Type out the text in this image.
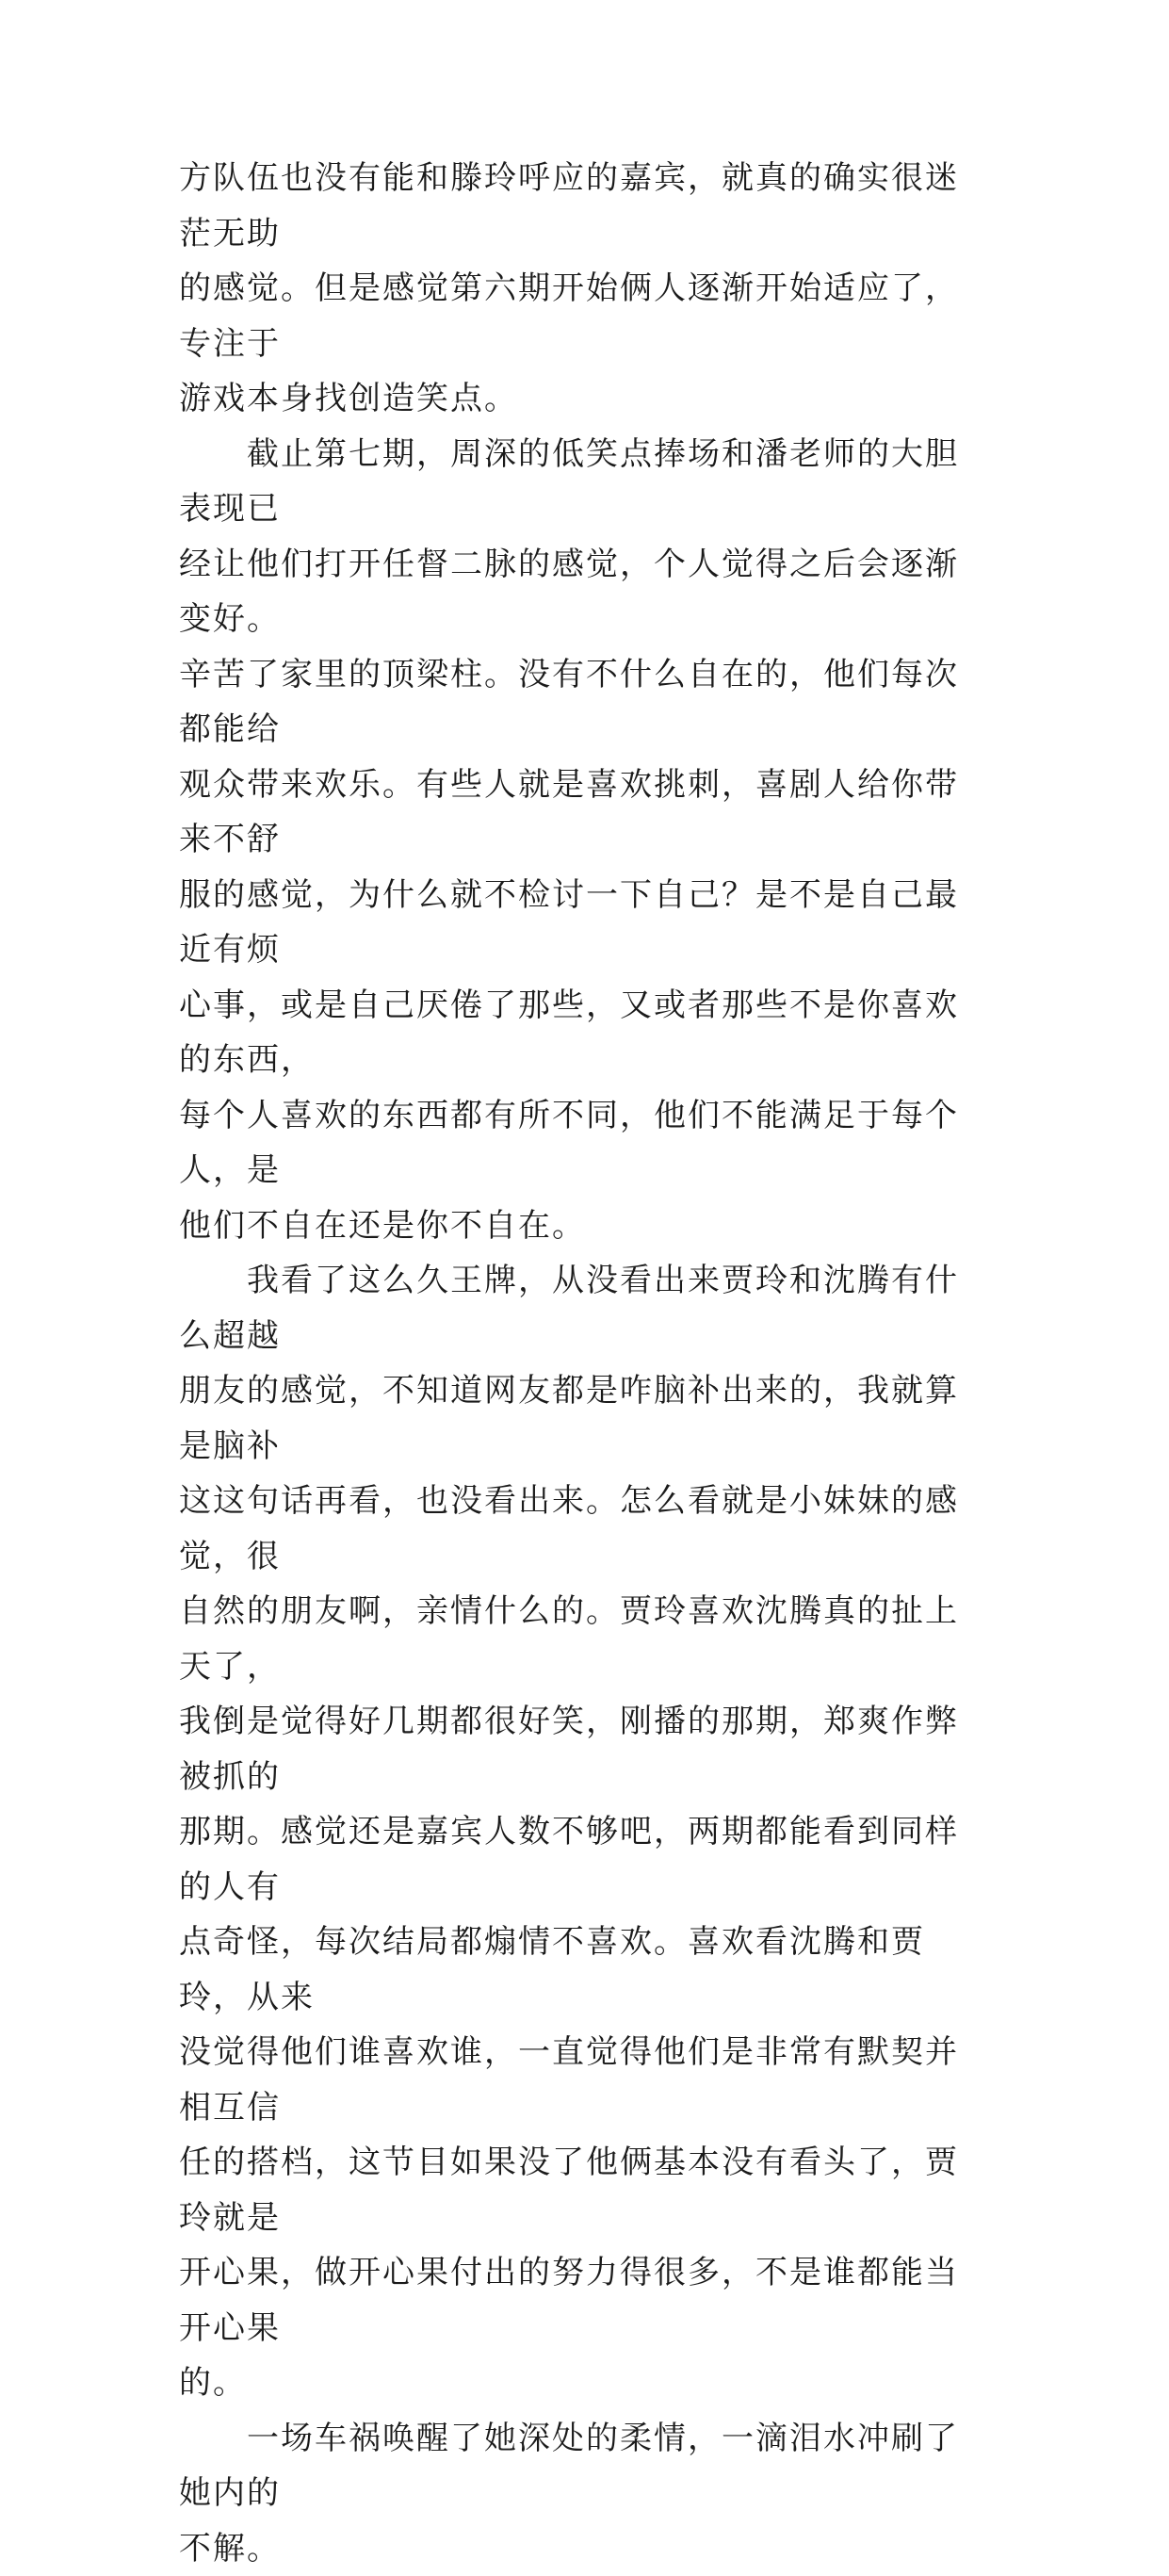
方队伍也没有能和滕玲呼应的嘉宾，就真的确实很迷茫无助
的感觉。但是感觉第六期开始俩人逐渐开始适应了，专注于
游戏本身找创造笑点。

　　截止第七期，周深的低笑点捧场和潘老师的大胆表现已
经让他们打开任督二脉的感觉，个人觉得之后会逐渐变好。
辛苦了家里的顶梁柱。没有不什么自在的，他们每次都能给
观众带来欢乐。有些人就是喜欢挑刺，喜剧人给你带来不舒
服的感觉，为什么就不检讨一下自己？是不是自己最近有烦
心事，或是自己厌倦了那些，又或者那些不是你喜欢的东西，
每个人喜欢的东西都有所不同，他们不能满足于每个人，是
他们不自在还是你不自在。

　　我看了这么久王牌，从没看出来贾玲和沈腾有什么超越
朋友的感觉，不知道网友都是咋脑补出来的，我就算是脑补
这这句话再看，也没看出来。怎么看就是小妹妹的感觉，很
自然的朋友啊，亲情什么的。贾玲喜欢沈腾真的扯上天了，
我倒是觉得好几期都很好笑，刚播的那期，郑爽作弊被抓的
那期。感觉还是嘉宾人数不够吧，两期都能看到同样的人有
点奇怪，每次结局都煽情不喜欢。喜欢看沈腾和贾玲，从来
没觉得他们谁喜欢谁，一直觉得他们是非常有默契并相互信
任的搭档，这节目如果没了他俩基本没有看头了，贾玲就是
开心果，做开心果付出的努力得很多，不是谁都能当开心果
的。

　　一场车祸唤醒了她深处的柔情，一滴泪水冲刷了她内的
不解。
